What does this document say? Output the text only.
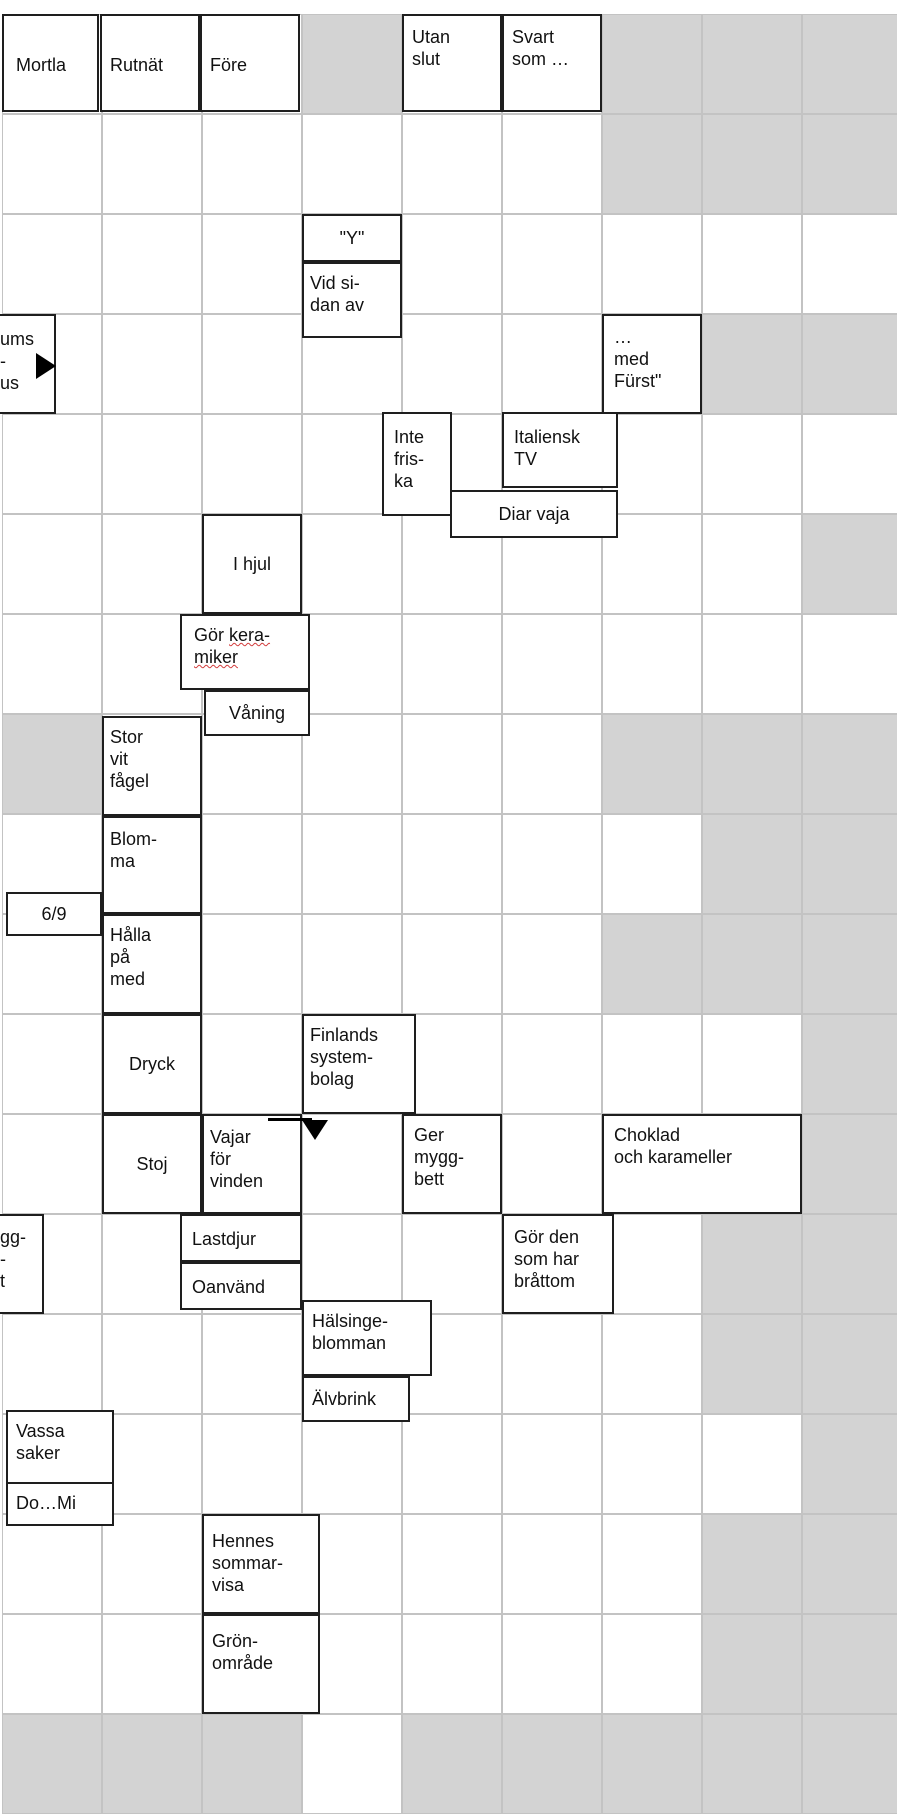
Mortla	Rutnät	Före
Utan
slut
Svart
som …
"Y"
Vid si-
dan av
ums
-
us
…
med
Fürst"
Inte
fris-
ka
Italiensk
TV
Diar vaja
I hjul
Gör kera-
miker
Våning
Stor
vit
fågel
Blom-
ma
6/9
Hålla
på
med
Dryck
Finlands
system-
bolag
Stoj
Vajar
för
vinden
Ger
mygg-
bett
Choklad
och karameller
gg-
-
t
Lastdjur
Oanvänd
Gör den
som har
bråttom
Hälsinge-
blomman
Älvbrink
Vassa
saker
Do…Mi
Hennes
sommar-
visa
Grön-
område
